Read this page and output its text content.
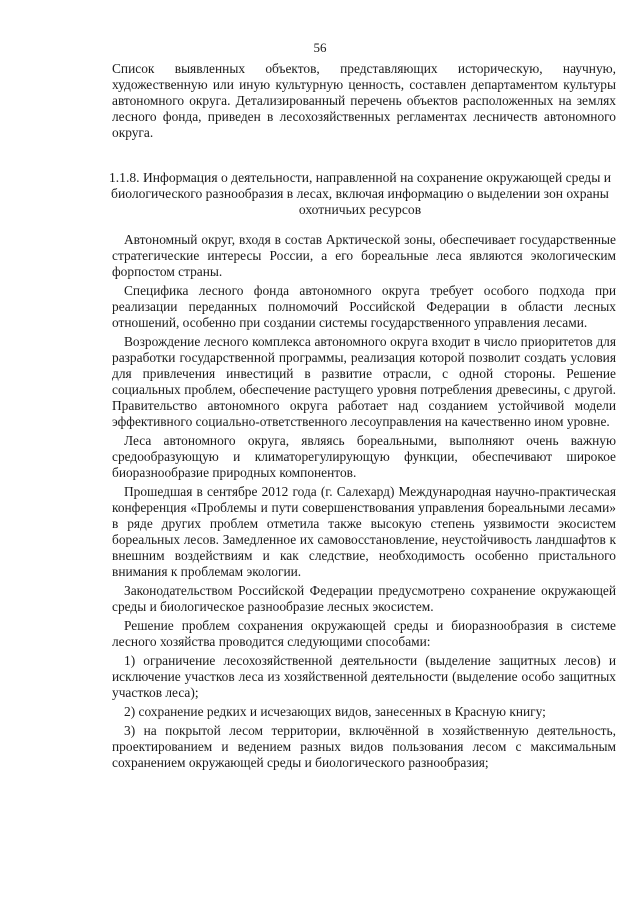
56

Список выявленных объектов, представляющих историческую, научную, художественную или иную культурную ценность, составлен департаментом культуры автономного округа. Детализированный перечень объектов расположенных на землях лесного фонда, приведен в лесохозяйственных регламентах лесничеств автономного округа.

1.1.8. Информация о деятельности, направленной на сохранение окружающей среды и биологического разнообразия в лесах, включая информацию о выделении зон охраны охотничьих ресурсов

Автономный округ, входя в состав Арктической зоны, обеспечивает государственные стратегические интересы России, а его бореальные леса являются экологическим форпостом страны.

Специфика лесного фонда автономного округа требует особого подхода при реализации переданных полномочий Российской Федерации в области лесных отношений, особенно при создании системы государственного управления лесами.

Возрождение лесного комплекса автономного округа входит в число приоритетов для разработки государственной программы, реализация которой позволит создать условия для привлечения инвестиций в развитие отрасли, с одной стороны. Решение социальных проблем, обеспечение растущего уровня потребления древесины, с другой. Правительство автономного округа работает над созданием устойчивой модели эффективного социально-ответственного лесоуправления на качественно ином уровне.

Леса автономного округа, являясь бореальными, выполняют очень важную средообразующую и климаторегулирующую функции, обеспечивают широкое биоразнообразие природных компонентов.

Прошедшая в сентябре 2012 года (г. Салехард) Международная научно-практическая конференция «Проблемы и пути совершенствования управления бореальными лесами» в ряде других проблем отметила также высокую степень уязвимости экосистем бореальных лесов. Замедленное их самовосстановление, неустойчивость ландшафтов к внешним воздействиям и как следствие, необходимость особенно пристального внимания к проблемам экологии.

Законодательством Российской Федерации предусмотрено сохранение окружающей среды и биологическое разнообразие лесных экосистем.

Решение проблем сохранения окружающей среды и биоразнообразия в системе лесного хозяйства проводится следующими способами:

1) ограничение лесохозяйственной деятельности (выделение защитных лесов) и исключение участков леса из хозяйственной деятельности (выделение особо защитных участков леса);

2) сохранение редких и исчезающих видов, занесенных в Красную книгу;

3) на покрытой лесом территории, включённой в хозяйственную деятельность, проектированием и ведением разных видов пользования лесом с максимальным сохранением окружающей среды и биологического разнообразия;
